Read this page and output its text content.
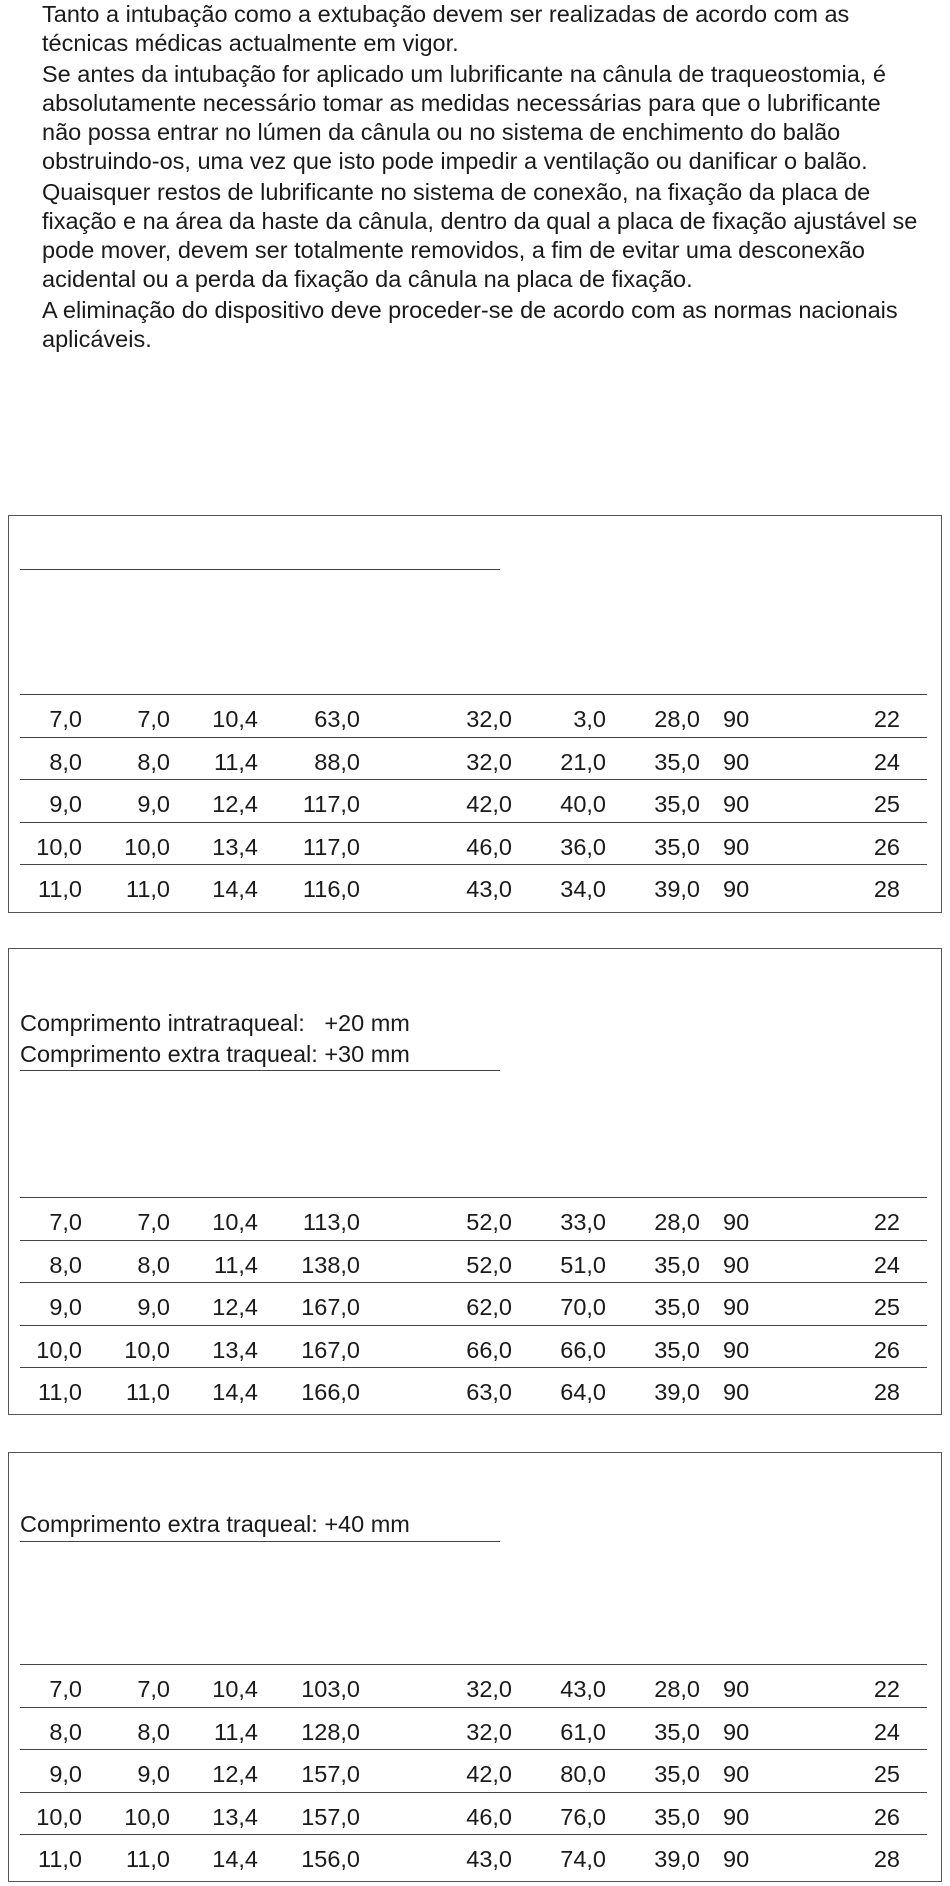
Tanto a intubação como a extubação devem ser realizadas de acordo com as técnicas médicas actualmente em vigor.

Se antes da intubação for aplicado um lubrificante na cânula de traqueostomia, é absolutamente necessário tomar as medidas necessárias para que o lubrificante não possa entrar no lúmen da cânula ou no sistema de enchimento do balão obstruindo-os, uma vez que isto pode impedir a ventilação ou danificar o balão.

Quaisquer restos de lubrificante no sistema de conexão, na fixação da placa de fixação e na área da haste da cânula, dentro da qual a placa de fixação ajustável se pode mover, devem ser totalmente removidos, a fim de evitar uma desconexão acidental ou a perda da fixação da cânula na placa de fixação.

A eliminação do dispositivo deve proceder-se de acordo com as normas nacionais aplicáveis.

7,0	7,0	10,4	63,0	32,0	3,0	28,0 90	22
8,0	8,0	11,4	88,0	32,0	21,0	35,0 90	24
9,0	9,0	12,4	117,0	42,0	40,0	35,0 90	25
10,0	10,0	13,4	117,0	46,0	36,0	35,0 90	26
11,0	11,0	14,4	116,0	43,0	34,0	39,0 90	28
Comprimento intratraqueal:   +20 mm
Comprimento extra traqueal: +30 mm
7,0	7,0	10,4	113,0	52,0	33,0	28,0 90	22
8,0	8,0	11,4	138,0	52,0	51,0	35,0 90	24
9,0	9,0	12,4	167,0	62,0	70,0	35,0 90	25
10,0	10,0	13,4	167,0	66,0	66,0	35,0 90	26
11,0	11,0	14,4	166,0	63,0	64,0	39,0 90	28
Comprimento extra traqueal: +40 mm
7,0	7,0	10,4	103,0	32,0	43,0	28,0 90	22
8,0	8,0	11,4	128,0	32,0	61,0	35,0 90	24
9,0	9,0	12,4	157,0	42,0	80,0	35,0 90	25
10,0	10,0	13,4	157,0	46,0	76,0	35,0 90	26
11,0	11,0	14,4	156,0	43,0	74,0	39,0 90	28
